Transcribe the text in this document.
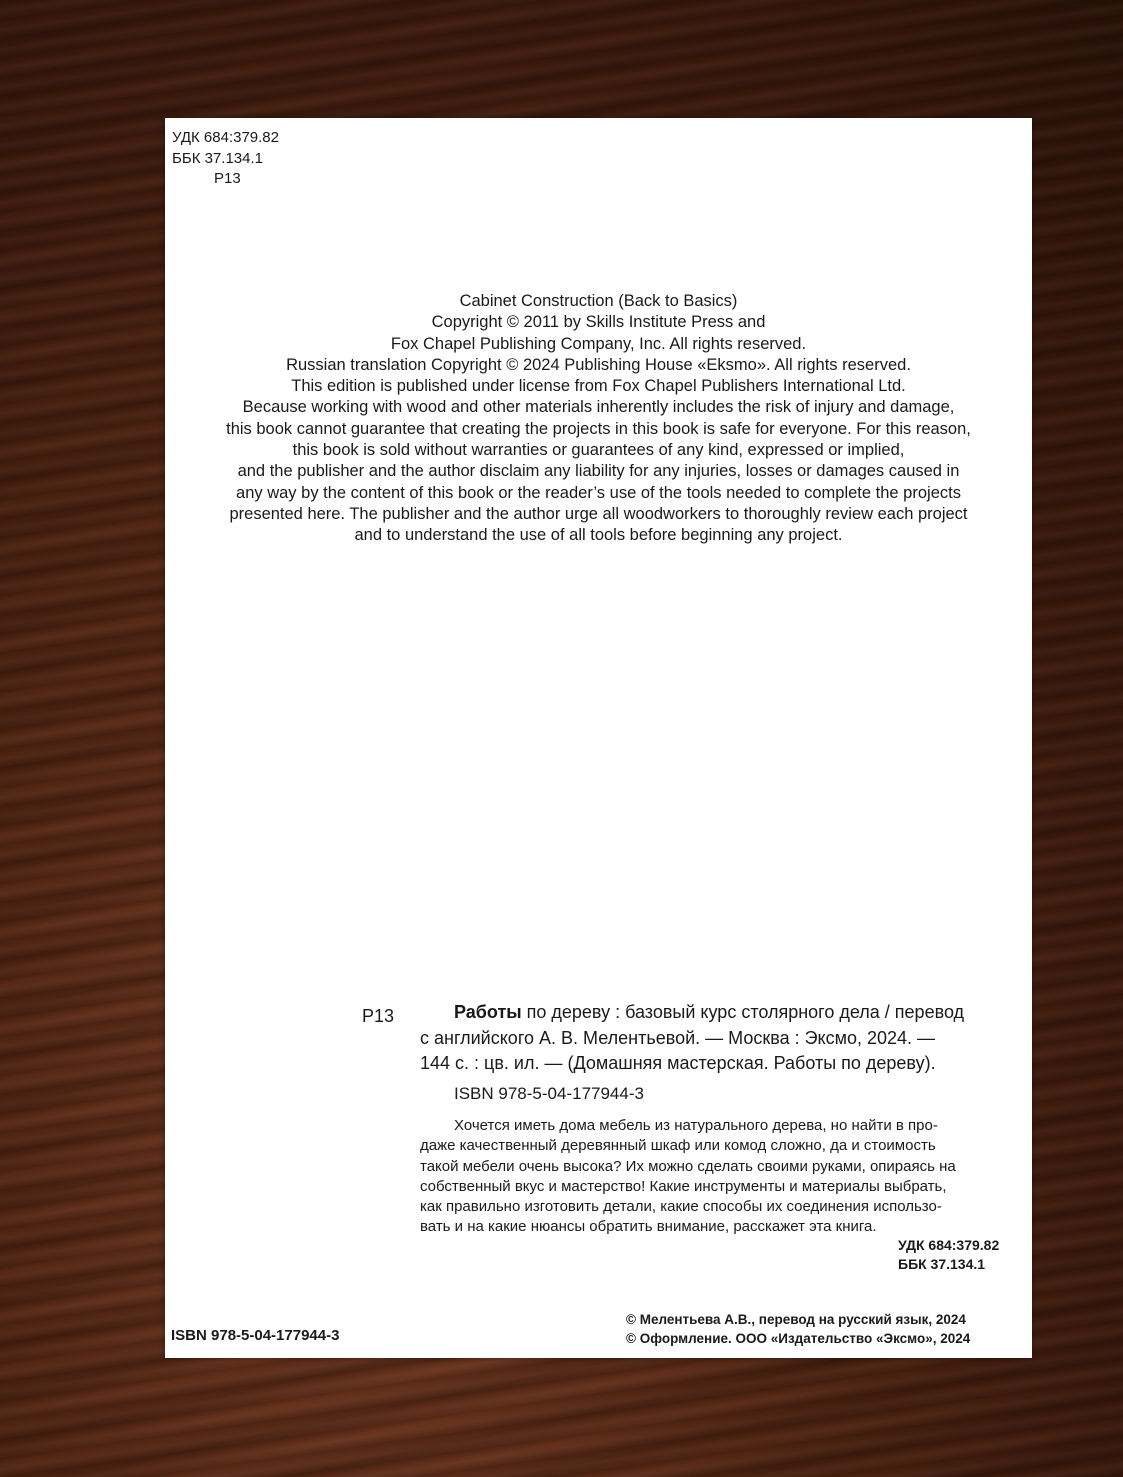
УДК 684:379.82
ББК 37.134.1
Р13
Cabinet Construction (Back to Basics)
Copyright © 2011 by Skills Institute Press and
Fox Chapel Publishing Company, Inc. All rights reserved.
Russian translation Copyright © 2024 Publishing House «Eksmo». All rights reserved.
This edition is published under license from Fox Chapel Publishers International Ltd.
Because working with wood and other materials inherently includes the risk of injury and damage,
this book cannot guarantee that creating the projects in this book is safe for everyone. For this reason,
this book is sold without warranties or guarantees of any kind, expressed or implied,
and the publisher and the author disclaim any liability for any injuries, losses or damages caused in
any way by the content of this book or the reader’s use of the tools needed to complete the projects
presented here. The publisher and the author urge all woodworkers to thoroughly review each project
and to understand the use of all tools before beginning any project.
Р13	Работы по дереву : базовый курс столярного дела / перевод
с английского А. В. Мелентьевой. — Москва : Эксмо, 2024. —
144 с. : цв. ил. — (Домашняя мастерская. Работы по дереву).
ISBN 978-5-04-177944-3
Хочется иметь дома мебель из натурального дерева, но найти в про-
даже качественный деревянный шкаф или комод сложно, да и стоимость
такой мебели очень высока? Их можно сделать своими руками, опираясь на
собственный вкус и мастерство! Какие инструменты и материалы выбрать,
как правильно изготовить детали, какие способы их соединения использо-
вать и на какие нюансы обратить внимание, расскажет эта книга.
УДК 684:379.82
ББК 37.134.1
ISBN 978-5-04-177944-3
© Мелентьева А.В., перевод на русский язык, 2024
© Оформление. ООО «Издательство «Эксмо», 2024
